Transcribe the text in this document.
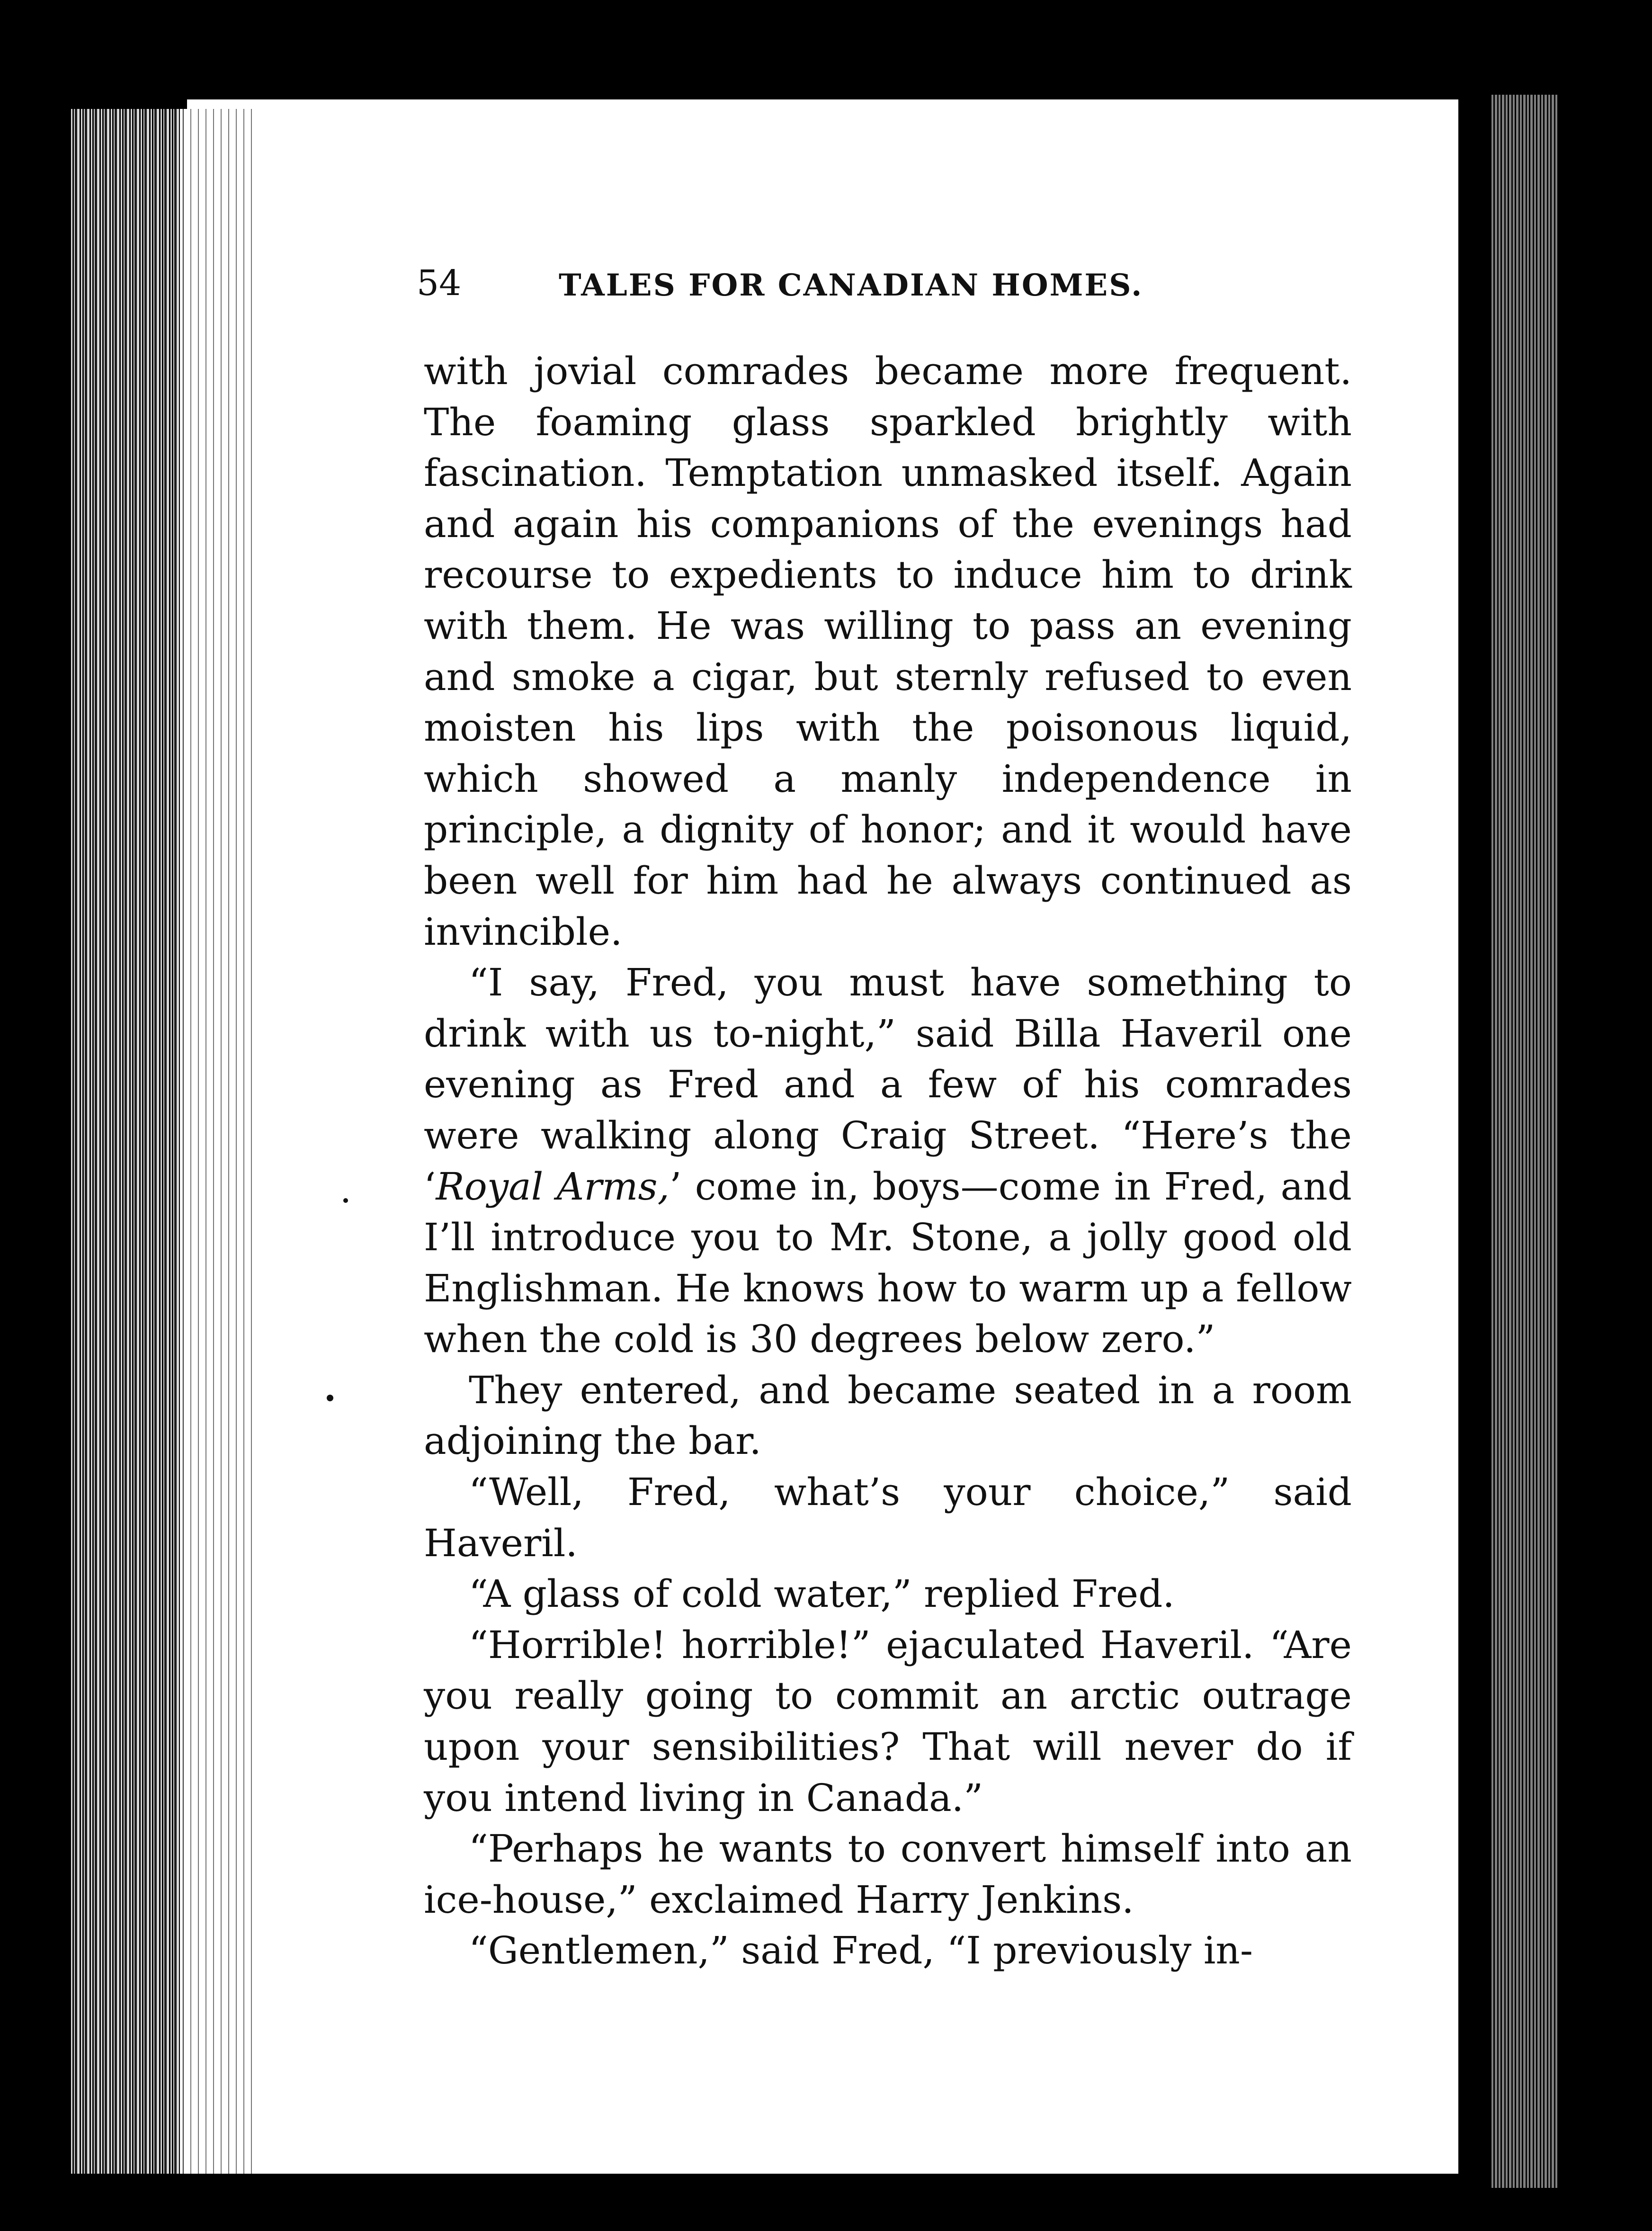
54	TALES FOR CANADIAN HOMES.

with jovial comrades became more frequent. The foaming glass sparkled brightly with fascination. Temptation unmasked itself. Again and again his companions of the evenings had recourse to expedients to induce him to drink with them. He was willing to pass an evening and smoke a cigar, but sternly refused to even moisten his lips with the poisonous liquid, which showed a manly independence in principle, a dignity of honor; and it would have been well for him had he always continued as invincible.

“I say, Fred, you must have something to drink with us to-night,” said Billa Haveril one evening as Fred and a few of his comrades were walking along Craig Street. “Here’s the ‘Royal Arms,’ come in, boys—come in Fred, and I’ll introduce you to Mr. Stone, a jolly good old Englishman. He knows how to warm up a fellow when the cold is 30 degrees below zero.”

They entered, and became seated in a room adjoining the bar.

“Well, Fred, what’s your choice,” said Haveril.

“A glass of cold water,” replied Fred.

“Horrible! horrible!” ejaculated Haveril. “Are you really going to commit an arctic outrage upon your sensibilities? That will never do if you intend living in Canada.”

“Perhaps he wants to convert himself into an ice-house,” exclaimed Harry Jenkins.

“Gentlemen,” said Fred, “I previously in-
